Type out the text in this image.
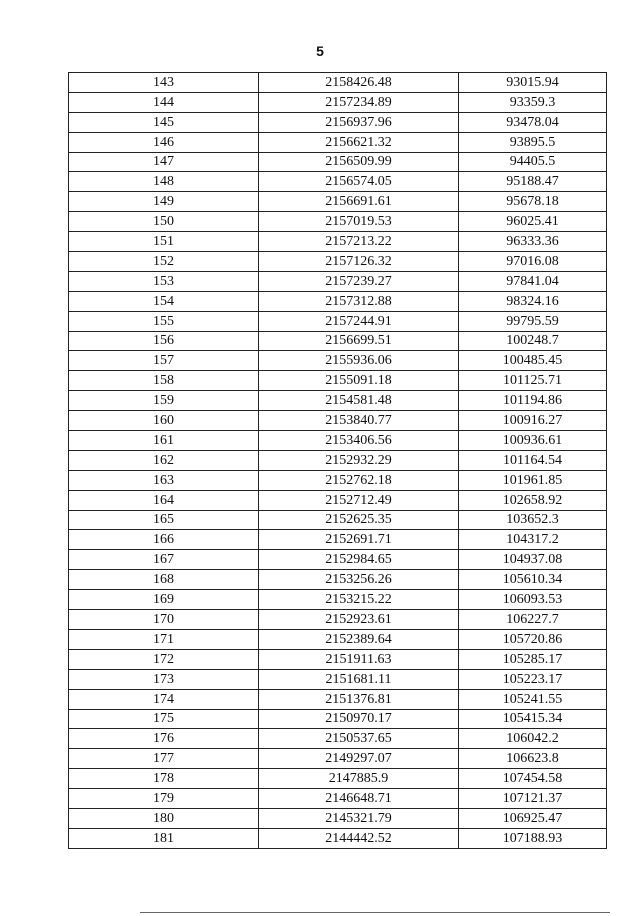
5
143	2158426.48	93015.94
144	2157234.89	93359.3
145	2156937.96	93478.04
146	2156621.32	93895.5
147	2156509.99	94405.5
148	2156574.05	95188.47
149	2156691.61	95678.18
150	2157019.53	96025.41
151	2157213.22	96333.36
152	2157126.32	97016.08
153	2157239.27	97841.04
154	2157312.88	98324.16
155	2157244.91	99795.59
156	2156699.51	100248.7
157	2155936.06	100485.45
158	2155091.18	101125.71
159	2154581.48	101194.86
160	2153840.77	100916.27
161	2153406.56	100936.61
162	2152932.29	101164.54
163	2152762.18	101961.85
164	2152712.49	102658.92
165	2152625.35	103652.3
166	2152691.71	104317.2
167	2152984.65	104937.08
168	2153256.26	105610.34
169	2153215.22	106093.53
170	2152923.61	106227.7
171	2152389.64	105720.86
172	2151911.63	105285.17
173	2151681.11	105223.17
174	2151376.81	105241.55
175	2150970.17	105415.34
176	2150537.65	106042.2
177	2149297.07	106623.8
178	2147885.9	107454.58
179	2146648.71	107121.37
180	2145321.79	106925.47
181	2144442.52	107188.93
